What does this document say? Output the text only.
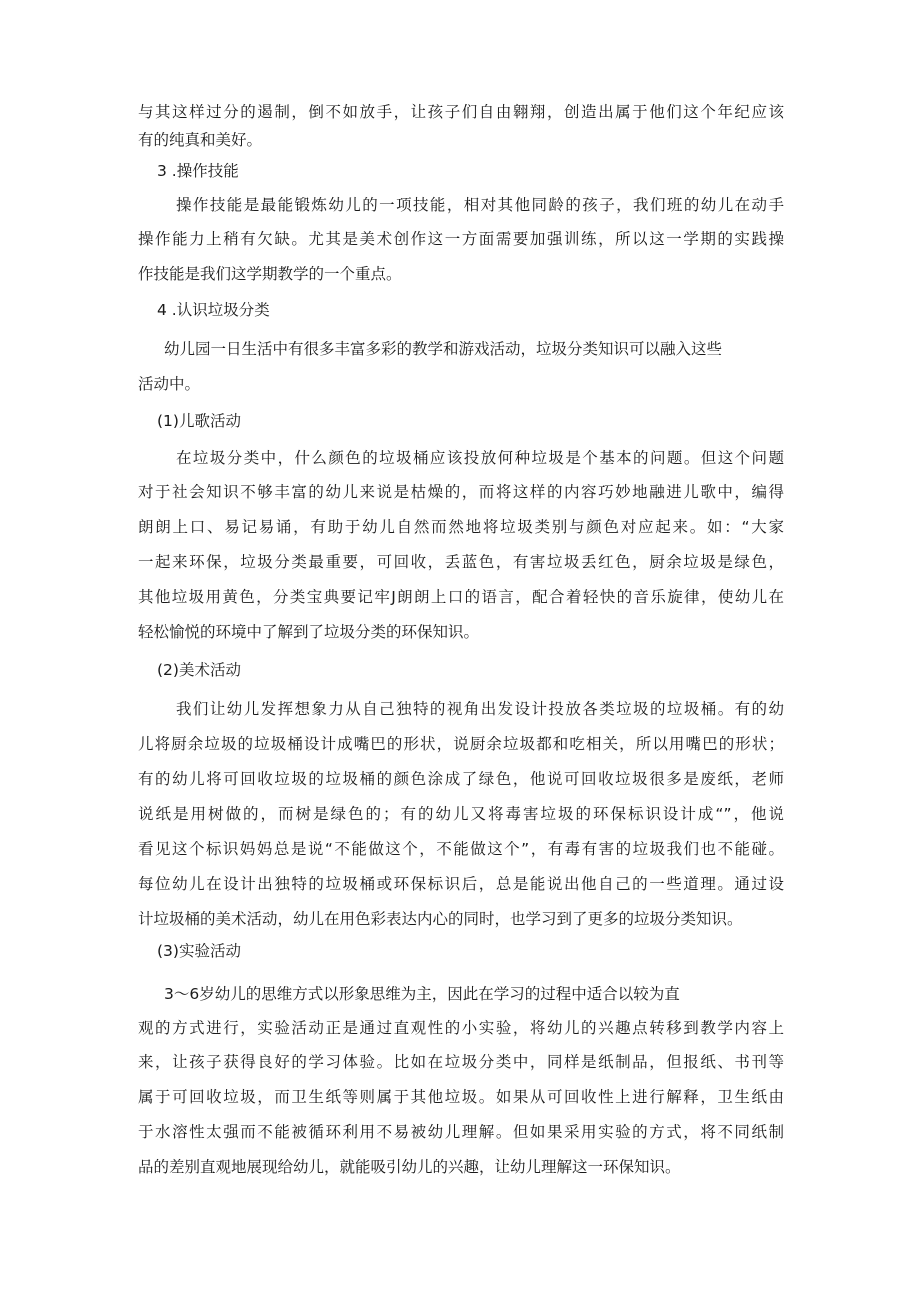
与其这样过分的遏制，倒不如放手，让孩子们自由翱翔，创造出属于他们这个年纪应该

有的纯真和美好。

3 .操作技能

操作技能是最能锻炼幼儿的一项技能，相对其他同龄的孩子，我们班的幼儿在动手

操作能力上稍有欠缺。尤其是美术创作这一方面需要加强训练，所以这一学期的实践操

作技能是我们这学期教学的一个重点。

4 .认识垃圾分类

幼儿园一日生活中有很多丰富多彩的教学和游戏活动，垃圾分类知识可以融入这些

活动中。

(1)儿歌活动

在垃圾分类中，什么颜色的垃圾桶应该投放何种垃圾是个基本的问题。但这个问题

对于社会知识不够丰富的幼儿来说是枯燥的，而将这样的内容巧妙地融进儿歌中，编得

朗朗上口、易记易诵，有助于幼儿自然而然地将垃圾类别与颜色对应起来。如：“大家

一起来环保，垃圾分类最重要，可回收，丢蓝色，有害垃圾丢红色，厨余垃圾是绿色，

其他垃圾用黄色，分类宝典要记牢J朗朗上口的语言，配合着轻快的音乐旋律，使幼儿在

轻松愉悦的环境中了解到了垃圾分类的环保知识。

(2)美术活动

我们让幼儿发挥想象力从自己独特的视角出发设计投放各类垃圾的垃圾桶。有的幼

儿将厨余垃圾的垃圾桶设计成嘴巴的形状，说厨余垃圾都和吃相关，所以用嘴巴的形状；

有的幼儿将可回收垃圾的垃圾桶的颜色涂成了绿色，他说可回收垃圾很多是废纸，老师

说纸是用树做的，而树是绿色的；有的幼儿又将毒害垃圾的环保标识设计成“”，他说

看见这个标识妈妈总是说“不能做这个，不能做这个”，有毒有害的垃圾我们也不能碰。

每位幼儿在设计出独特的垃圾桶或环保标识后，总是能说出他自己的一些道理。通过设

计垃圾桶的美术活动，幼儿在用色彩表达内心的同时，也学习到了更多的垃圾分类知识。

(3)实验活动

3〜6岁幼儿的思维方式以形象思维为主，因此在学习的过程中适合以较为直

观的方式进行，实验活动正是通过直观性的小实验，将幼儿的兴趣点转移到教学内容上

来，让孩子获得良好的学习体验。比如在垃圾分类中，同样是纸制品，但报纸、书刊等

属于可回收垃圾，而卫生纸等则属于其他垃圾。如果从可回收性上进行解释，卫生纸由

于水溶性太强而不能被循环利用不易被幼儿理解。但如果采用实验的方式，将不同纸制

品的差别直观地展现给幼儿，就能吸引幼儿的兴趣，让幼儿理解这一环保知识。
